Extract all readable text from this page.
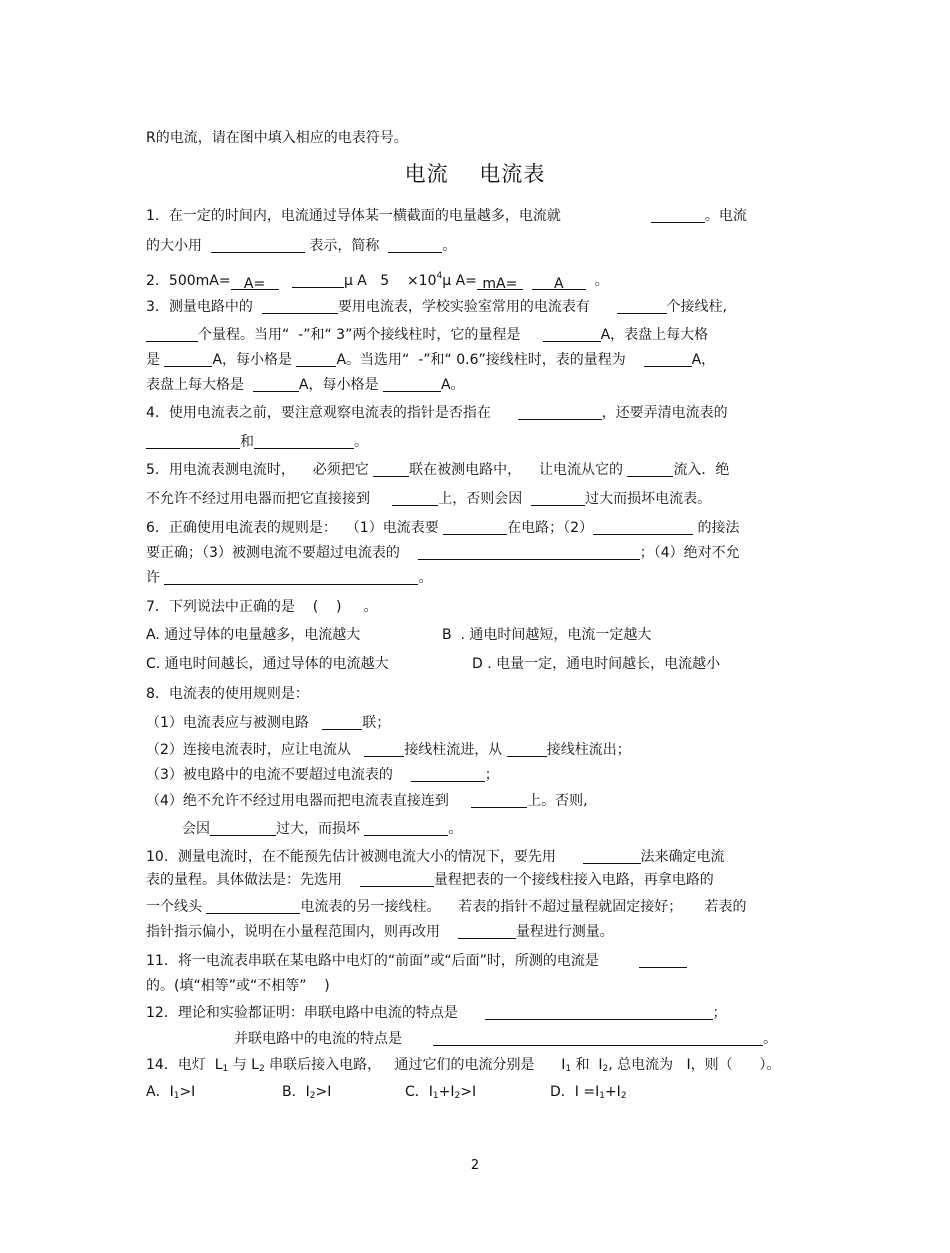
R的电流，请在图中填入相应的电表符号。
电流    电流表
1．在一定的时间内，电流通过导体某一横截面的电量越多，电流就	。电流
的大小用	表示，简称	。
2．500mA= A=	μ A   $5 \times 10^4\mu$ A= mA=	A 。
3．测量电路中的	要用电流表，学校实验室常用的电流表有	个接线柱,
个量程。当用“  -”和“ 3”两个接线柱时，它的量程是	A，表盘上每大格
是	A，每小格是	A。当选用“  -”和“ 0.6”接线柱时，表的量程为	A，
表盘上每大格是	A，每小格是	A。
4．使用电流表之前，要注意观察电流表的指针是否指在	，还要弄清电流表的
和	。
5．用电流表测电流时，    必须把它	联在被测电路中，    让电流从它的	流入．绝
不允许不经过用电器而把它直接接到	上，否则会因	过大而损坏电流表。
6．正确使用电流表的规则是：  （1）电流表要	在电路；（2）	的接法
要正确；（3）被测电流不要超过电流表的	；（4）绝对不允
许	。
7．下列说法中正确的是    (    )     。
A. 通过导体的电量越多，电流越大	B  . 通电时间越短，电流一定越大
C. 通电时间越长，通过导体的电流越大	D . 电量一定，通电时间越长，电流越小
8．电流表的使用规则是：
（1）电流表应与被测电路	联；
（2）连接电流表时，应让电流从	接线柱流进，从	接线柱流出；
（3）被电路中的电流不要超过电流表的	；
（4）绝不允许不经过用电器而把电流表直接连到	上。否则,
会因	过大，而损坏	。
10．测量电流时，在不能预先估计被测电流大小的情况下，要先用	法来确定电流
表的量程。具体做法是：先选用	量程把表的一个接线柱接入电路，再拿电路的
一个线头	电流表的另一接线柱。    若表的指针不超过量程就固定接好；     若表的
指针指示偏小，说明在小量程范围内，则再改用	量程进行测量。
11．将一电流表串联在某电路中电灯的“前面”或“后面”时，所测的电流是
的。(填“相等”或“不相等”    )
12．理论和实验都证明：串联电路中电流的特点是	；
并联电路中的电流的特点是	。
14．电灯  $L_1$ 与 $L_2$ 串联后接入电路，   通过它们的电流分别是      $I_1$ 和  $I_2$, 总电流为   I，则（      ）。
A．$I_1>I$	B．$I_2>I$	C．$I_1+I_2>I$	D．$I =I_1+I_2$
2
